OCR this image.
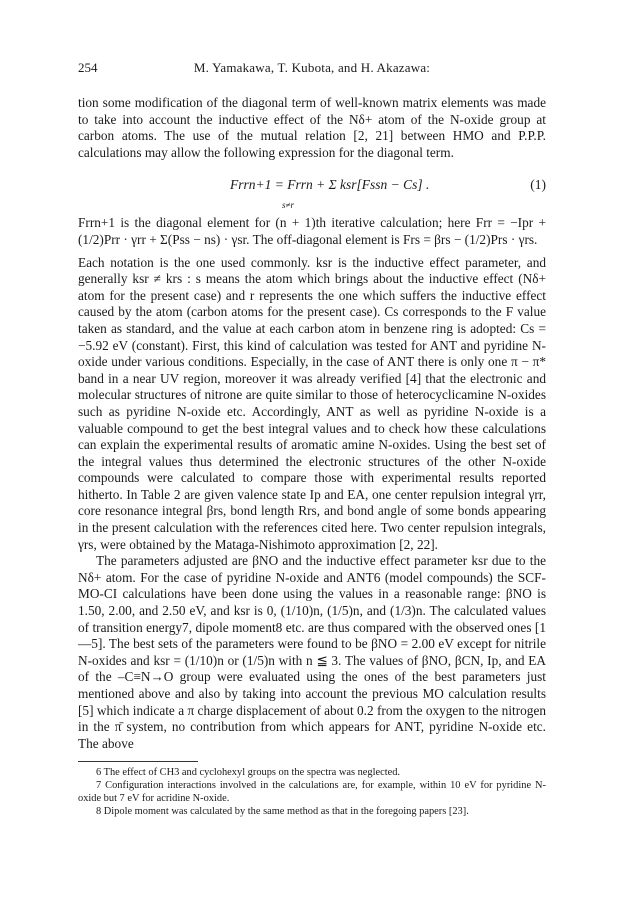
254	M. Yamakawa, T. Kubota, and H. Akazawa:

tion some modification of the diagonal term of well-known matrix elements was made to take into account the inductive effect of the Nδ+ atom of the N-oxide group at carbon atoms. The use of the mutual relation [2, 21] between HMO and P.P.P. calculations may allow the following expression for the diagonal term.

Frrn+1 = Frrn + Σ ksr[Fssn − Cs] .
s≠r
(1)

Frrn+1 is the diagonal element for (n + 1)th iterative calculation; here Frr = −Ipr + (1/2)Prr · γrr + Σ(Pss − ns) · γsr. The off-diagonal element is Frs = βrs − (1/2)Prs · γrs.

Each notation is the one used commonly. ksr is the inductive effect parameter, and generally ksr ≠ krs : s means the atom which brings about the inductive effect (Nδ+ atom for the present case) and r represents the one which suffers the inductive effect caused by the atom (carbon atoms for the present case). Cs corresponds to the F value taken as standard, and the value at each carbon atom in benzene ring is adopted: Cs = −5.92 eV (constant). First, this kind of calculation was tested for ANT and pyridine N-oxide under various conditions. Especially, in the case of ANT there is only one π − π* band in a near UV region, moreover it was already verified [4] that the electronic and molecular structures of nitrone are quite similar to those of heterocyclicamine N-oxides such as pyridine N-oxide etc. Accordingly, ANT as well as pyridine N-oxide is a valuable compound to get the best integral values and to check how these calculations can explain the experimental results of aromatic amine N-oxides. Using the best set of the integral values thus determined the electronic structures of the other N-oxide compounds were calculated to compare those with experimental results reported hitherto. In Table 2 are given valence state Ip and EA, one center repulsion integral γrr, core resonance integral βrs, bond length Rrs, and bond angle of some bonds appearing in the present calculation with the references cited here. Two center repulsion integrals, γrs, were obtained by the Mataga-Nishimoto approximation [2, 22].

The parameters adjusted are βNO and the inductive effect parameter ksr due to the Nδ+ atom. For the case of pyridine N-oxide and ANT6 (model compounds) the SCF-MO-CI calculations have been done using the values in a reasonable range: βNO is 1.50, 2.00, and 2.50 eV, and ksr is 0, (1/10)n, (1/5)n, and (1/3)n. The calculated values of transition energy7, dipole moment8 etc. are thus compared with the observed ones [1—5]. The best sets of the parameters were found to be βNO = 2.00 eV except for nitrile N-oxides and ksr = (1/10)n or (1/5)n with n ≦ 3. The values of βNO, βCN, Ip, and EA of the –C≡N→O group were evaluated using the ones of the best parameters just mentioned above and also by taking into account the previous MO calculation results [5] which indicate a π charge displacement of about 0.2 from the oxygen to the nitrogen in the π̄ system, no contribution from which appears for ANT, pyridine N-oxide etc. The above

6 The effect of CH3 and cyclohexyl groups on the spectra was neglected.

7 Configuration interactions involved in the calculations are, for example, within 10 eV for pyridine N-oxide but 7 eV for acridine N-oxide.

8 Dipole moment was calculated by the same method as that in the foregoing papers [23].
